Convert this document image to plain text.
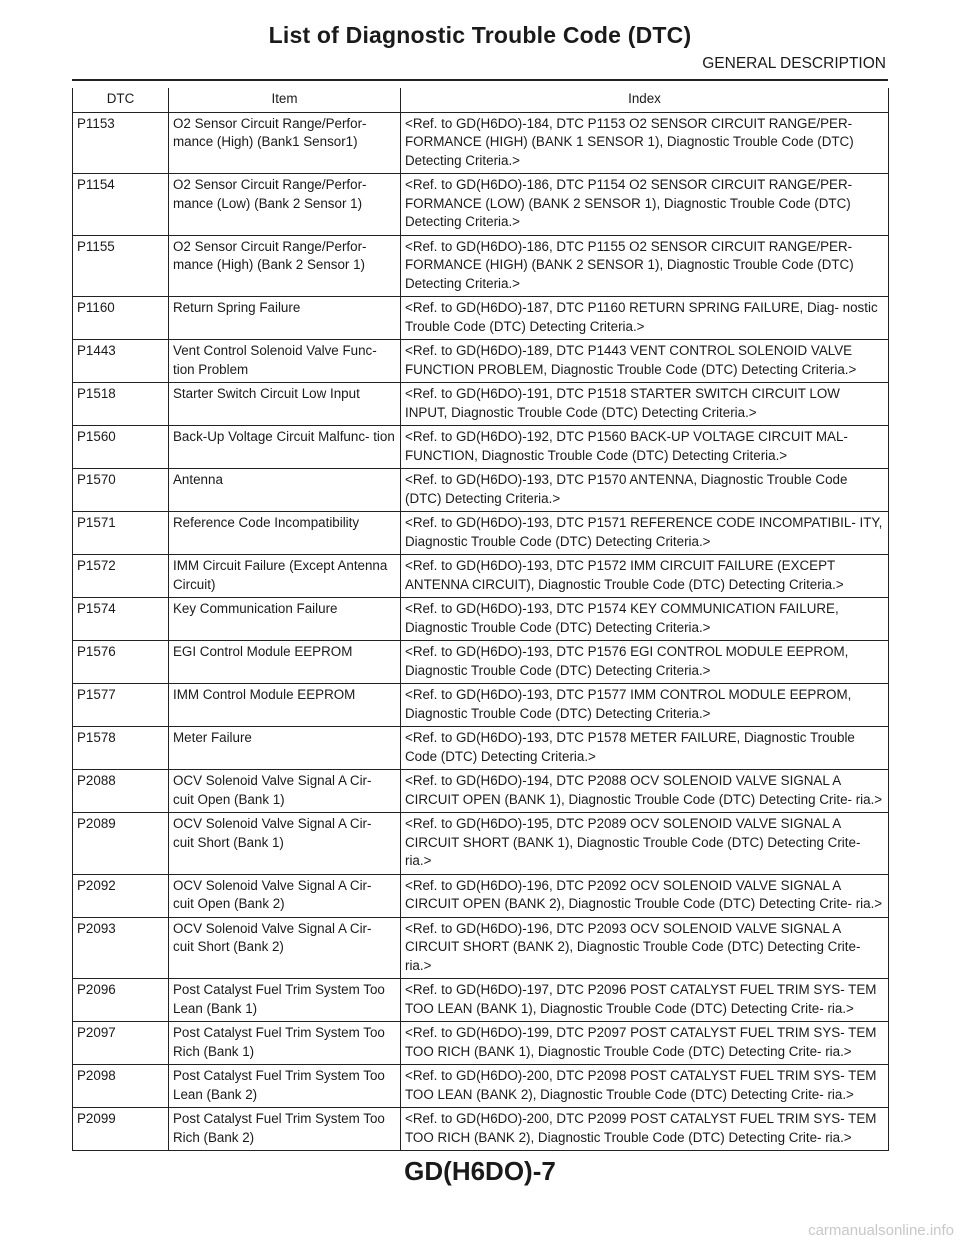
List of Diagnostic Trouble Code (DTC)
GENERAL DESCRIPTION
DTC	Item	Index
P1153	O2 Sensor Circuit Range/Perfor- mance (High) (Bank1 Sensor1)	<Ref. to GD(H6DO)-184, DTC P1153 O2 SENSOR CIRCUIT RANGE/PER- FORMANCE (HIGH) (BANK 1 SENSOR 1), Diagnostic Trouble Code (DTC) Detecting Criteria.>
P1154	O2 Sensor Circuit Range/Perfor- mance (Low) (Bank 2 Sensor 1)	<Ref. to GD(H6DO)-186, DTC P1154 O2 SENSOR CIRCUIT RANGE/PER- FORMANCE (LOW) (BANK 2 SENSOR 1), Diagnostic Trouble Code (DTC) Detecting Criteria.>
P1155	O2 Sensor Circuit Range/Perfor- mance (High) (Bank 2 Sensor 1)	<Ref. to GD(H6DO)-186, DTC P1155 O2 SENSOR CIRCUIT RANGE/PER- FORMANCE (HIGH) (BANK 2 SENSOR 1), Diagnostic Trouble Code (DTC) Detecting Criteria.>
P1160	Return Spring Failure	<Ref. to GD(H6DO)-187, DTC P1160 RETURN SPRING FAILURE, Diag- nostic Trouble Code (DTC) Detecting Criteria.>
P1443	Vent Control Solenoid Valve Func- tion Problem	<Ref. to GD(H6DO)-189, DTC P1443 VENT CONTROL SOLENOID VALVE FUNCTION PROBLEM, Diagnostic Trouble Code (DTC) Detecting Criteria.>
P1518	Starter Switch Circuit Low Input	<Ref. to GD(H6DO)-191, DTC P1518 STARTER SWITCH CIRCUIT LOW INPUT, Diagnostic Trouble Code (DTC) Detecting Criteria.>
P1560	Back-Up Voltage Circuit Malfunc- tion	<Ref. to GD(H6DO)-192, DTC P1560 BACK-UP VOLTAGE CIRCUIT MAL- FUNCTION, Diagnostic Trouble Code (DTC) Detecting Criteria.>
P1570	Antenna	<Ref. to GD(H6DO)-193, DTC P1570 ANTENNA, Diagnostic Trouble Code (DTC) Detecting Criteria.>
P1571	Reference Code Incompatibility	<Ref. to GD(H6DO)-193, DTC P1571 REFERENCE CODE INCOMPATIBIL- ITY, Diagnostic Trouble Code (DTC) Detecting Criteria.>
P1572	IMM Circuit Failure (Except Antenna Circuit)	<Ref. to GD(H6DO)-193, DTC P1572 IMM CIRCUIT FAILURE (EXCEPT ANTENNA CIRCUIT), Diagnostic Trouble Code (DTC) Detecting Criteria.>
P1574	Key Communication Failure	<Ref. to GD(H6DO)-193, DTC P1574 KEY COMMUNICATION FAILURE, Diagnostic Trouble Code (DTC) Detecting Criteria.>
P1576	EGI Control Module EEPROM	<Ref. to GD(H6DO)-193, DTC P1576 EGI CONTROL MODULE EEPROM, Diagnostic Trouble Code (DTC) Detecting Criteria.>
P1577	IMM Control Module EEPROM	<Ref. to GD(H6DO)-193, DTC P1577 IMM CONTROL MODULE EEPROM, Diagnostic Trouble Code (DTC) Detecting Criteria.>
P1578	Meter Failure	<Ref. to GD(H6DO)-193, DTC P1578 METER FAILURE, Diagnostic Trouble Code (DTC) Detecting Criteria.>
P2088	OCV Solenoid Valve Signal A Cir- cuit Open (Bank 1)	<Ref. to GD(H6DO)-194, DTC P2088 OCV SOLENOID VALVE SIGNAL A CIRCUIT OPEN (BANK 1), Diagnostic Trouble Code (DTC) Detecting Crite- ria.>
P2089	OCV Solenoid Valve Signal A Cir- cuit Short (Bank 1)	<Ref. to GD(H6DO)-195, DTC P2089 OCV SOLENOID VALVE SIGNAL A CIRCUIT SHORT (BANK 1), Diagnostic Trouble Code (DTC) Detecting Crite- ria.>
P2092	OCV Solenoid Valve Signal A Cir- cuit Open (Bank 2)	<Ref. to GD(H6DO)-196, DTC P2092 OCV SOLENOID VALVE SIGNAL A CIRCUIT OPEN (BANK 2), Diagnostic Trouble Code (DTC) Detecting Crite- ria.>
P2093	OCV Solenoid Valve Signal A Cir- cuit Short (Bank 2)	<Ref. to GD(H6DO)-196, DTC P2093 OCV SOLENOID VALVE SIGNAL A CIRCUIT SHORT (BANK 2), Diagnostic Trouble Code (DTC) Detecting Crite- ria.>
P2096	Post Catalyst Fuel Trim System Too Lean (Bank 1)	<Ref. to GD(H6DO)-197, DTC P2096 POST CATALYST FUEL TRIM SYS- TEM TOO LEAN (BANK 1), Diagnostic Trouble Code (DTC) Detecting Crite- ria.>
P2097	Post Catalyst Fuel Trim System Too Rich (Bank 1)	<Ref. to GD(H6DO)-199, DTC P2097 POST CATALYST FUEL TRIM SYS- TEM TOO RICH (BANK 1), Diagnostic Trouble Code (DTC) Detecting Crite- ria.>
P2098	Post Catalyst Fuel Trim System Too Lean (Bank 2)	<Ref. to GD(H6DO)-200, DTC P2098 POST CATALYST FUEL TRIM SYS- TEM TOO LEAN (BANK 2), Diagnostic Trouble Code (DTC) Detecting Crite- ria.>
P2099	Post Catalyst Fuel Trim System Too Rich (Bank 2)	<Ref. to GD(H6DO)-200, DTC P2099 POST CATALYST FUEL TRIM SYS- TEM TOO RICH (BANK 2), Diagnostic Trouble Code (DTC) Detecting Crite- ria.>
GD(H6DO)-7
carmanualsonline.info
